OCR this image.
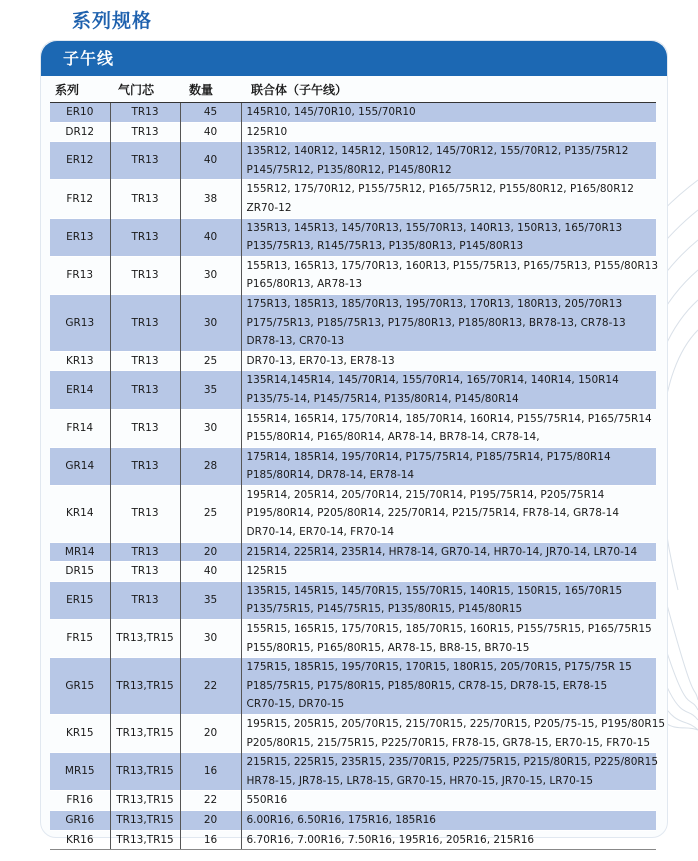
系列规格
子午线
系列	气门芯	数量	联合体（子午线）
ER10	TR13	45	145R10, 145/70R10, 155/70R10

DR12	TR13	40	125R10

ER12	TR13	40	135R12, 140R12, 145R12, 150R12, 145/70R12, 155/70R12, P135/75R12
P145/75R12, P135/80R12, P145/80R12

FR12	TR13	38	155R12, 175/70R12, P155/75R12, P165/75R12, P155/80R12, P165/80R12
ZR70-12

ER13	TR13	40	135R13, 145R13, 145/70R13, 155/70R13, 140R13, 150R13, 165/70R13
P135/75R13, R145/75R13, P135/80R13, P145/80R13

FR13	TR13	30	155R13, 165R13, 175/70R13, 160R13, P155/75R13, P165/75R13, P155/80R13
P165/80R13, AR78-13

GR13	TR13	30	175R13, 185R13, 185/70R13, 195/70R13, 170R13, 180R13, 205/70R13
P175/75R13, P185/75R13, P175/80R13, P185/80R13, BR78-13, CR78-13
DR78-13, CR70-13

KR13	TR13	25	DR70-13, ER70-13, ER78-13

ER14	TR13	35	135R14,145R14, 145/70R14, 155/70R14, 165/70R14, 140R14, 150R14
P135/75-14, P145/75R14, P135/80R14, P145/80R14

FR14	TR13	30	155R14, 165R14, 175/70R14, 185/70R14, 160R14, P155/75R14, P165/75R14
P155/80R14, P165/80R14, AR78-14, BR78-14, CR78-14,

GR14	TR13	28	175R14, 185R14, 195/70R14, P175/75R14, P185/75R14, P175/80R14
P185/80R14, DR78-14, ER78-14

KR14	TR13	25	195R14, 205R14, 205/70R14, 215/70R14, P195/75R14, P205/75R14
P195/80R14, P205/80R14, 225/70R14, P215/75R14, FR78-14, GR78-14
DR70-14, ER70-14, FR70-14

MR14	TR13	20	215R14, 225R14, 235R14, HR78-14, GR70-14, HR70-14, JR70-14, LR70-14

DR15	TR13	40	125R15

ER15	TR13	35	135R15, 145R15, 145/70R15, 155/70R15, 140R15, 150R15, 165/70R15
P135/75R15, P145/75R15, P135/80R15, P145/80R15

FR15	TR13,TR15	30	155R15, 165R15, 175/70R15, 185/70R15, 160R15, P155/75R15, P165/75R15
P155/80R15, P165/80R15, AR78-15, BR8-15, BR70-15

GR15	TR13,TR15	22	175R15, 185R15, 195/70R15, 170R15, 180R15, 205/70R15, P175/75R 15
P185/75R15, P175/80R15, P185/80R15, CR78-15, DR78-15, ER78-15
CR70-15, DR70-15

KR15	TR13,TR15	20	195R15, 205R15, 205/70R15, 215/70R15, 225/70R15, P205/75-15, P195/80R15
P205/80R15, 215/75R15, P225/70R15, FR78-15, GR78-15, ER70-15, FR70-15

MR15	TR13,TR15	16	215R15, 225R15, 235R15, 235/70R15, P225/75R15, P215/80R15, P225/80R15
HR78-15, JR78-15, LR78-15, GR70-15, HR70-15, JR70-15, LR70-15

FR16	TR13,TR15	22	550R16

GR16	TR13,TR15	20	6.00R16, 6.50R16, 175R16, 185R16

KR16	TR13,TR15	16	6.70R16, 7.00R16, 7.50R16, 195R16, 205R16, 215R16
